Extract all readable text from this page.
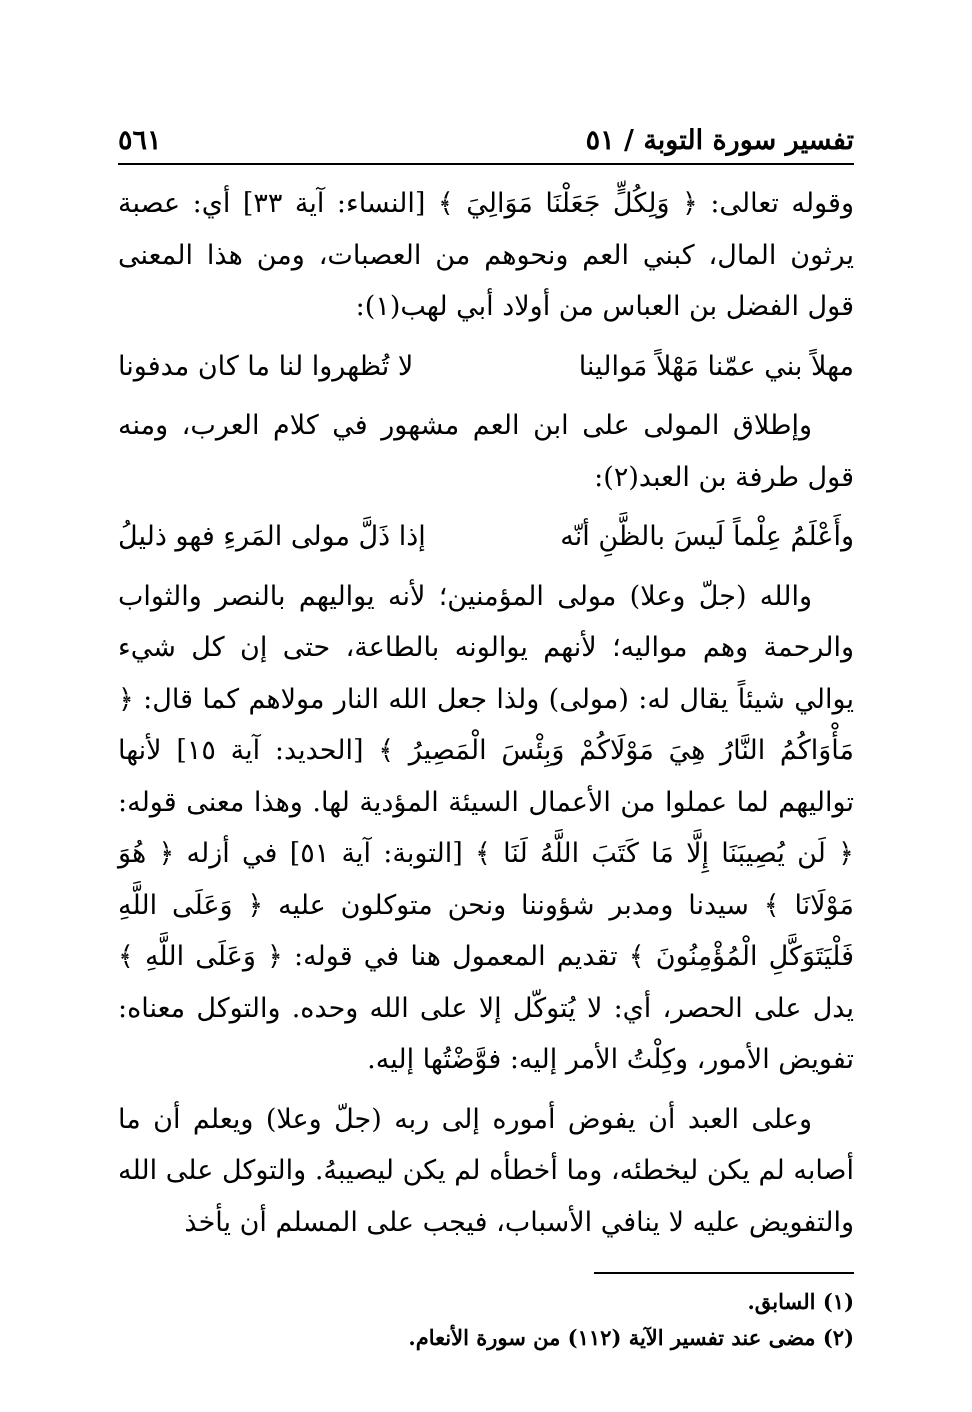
تفسير سورة التوبة / ٥١
٥٦١

وقوله تعالى: ﴿ وَلِكُلٍّ جَعَلْنَا مَوَالِيَ ﴾ [النساء: آية ٣٣] أي: عصبة يرثون المال، كبني العم ونحوهم من العصبات، ومن هذا المعنى قول الفضل بن العباس من أولاد أبي لهب(١):

مهلاً بني عمّنا مَهْلاً مَوالينا
لا تُظهروا لنا ما كان مدفونا

وإطلاق المولى على ابن العم مشهور في كلام العرب، ومنه قول طرفة بن العبد(٢):

وأَعْلَمُ عِلْماً لَيسَ بالظَّنِ أنّه
إذا ذَلَّ مولى المَرءِ فهو ذليلُ

والله (جلّ وعلا) مولى المؤمنين؛ لأنه يواليهم بالنصر والثواب والرحمة وهم مواليه؛ لأنهم يوالونه بالطاعة، حتى إن كل شيء يوالي شيئاً يقال له: (مولى) ولذا جعل الله النار مولاهم كما قال: ﴿ مَأْوَاكُمُ النَّارُ هِيَ مَوْلَاكُمْ وَبِئْسَ الْمَصِيرُ ﴾ [الحديد: آية ١٥] لأنها تواليهم لما عملوا من الأعمال السيئة المؤدية لها. وهذا معنى قوله: ﴿ لَن يُصِيبَنَا إِلَّا مَا كَتَبَ اللَّهُ لَنَا ﴾ [التوبة: آية ٥١] في أزله ﴿ هُوَ مَوْلَانَا ﴾ سيدنا ومدبر شؤوننا ونحن متوكلون عليه ﴿ وَعَلَى اللَّهِ فَلْيَتَوَكَّلِ الْمُؤْمِنُونَ ﴾ تقديم المعمول هنا في قوله: ﴿ وَعَلَى اللَّهِ ﴾ يدل على الحصر، أي: لا يُتوكّل إلا على الله وحده. والتوكل معناه: تفويض الأمور، وكِلْتُ الأمر إليه: فوَّضْتُها إليه.

وعلى العبد أن يفوض أموره إلى ربه (جلّ وعلا) ويعلم أن ما أصابه لم يكن ليخطئه، وما أخطأه لم يكن ليصيبهُ. والتوكل على الله والتفويض عليه لا ينافي الأسباب، فيجب على المسلم أن يأخذ

(١) السابق.
(٢) مضى عند تفسير الآية (١١٢) من سورة الأنعام.
